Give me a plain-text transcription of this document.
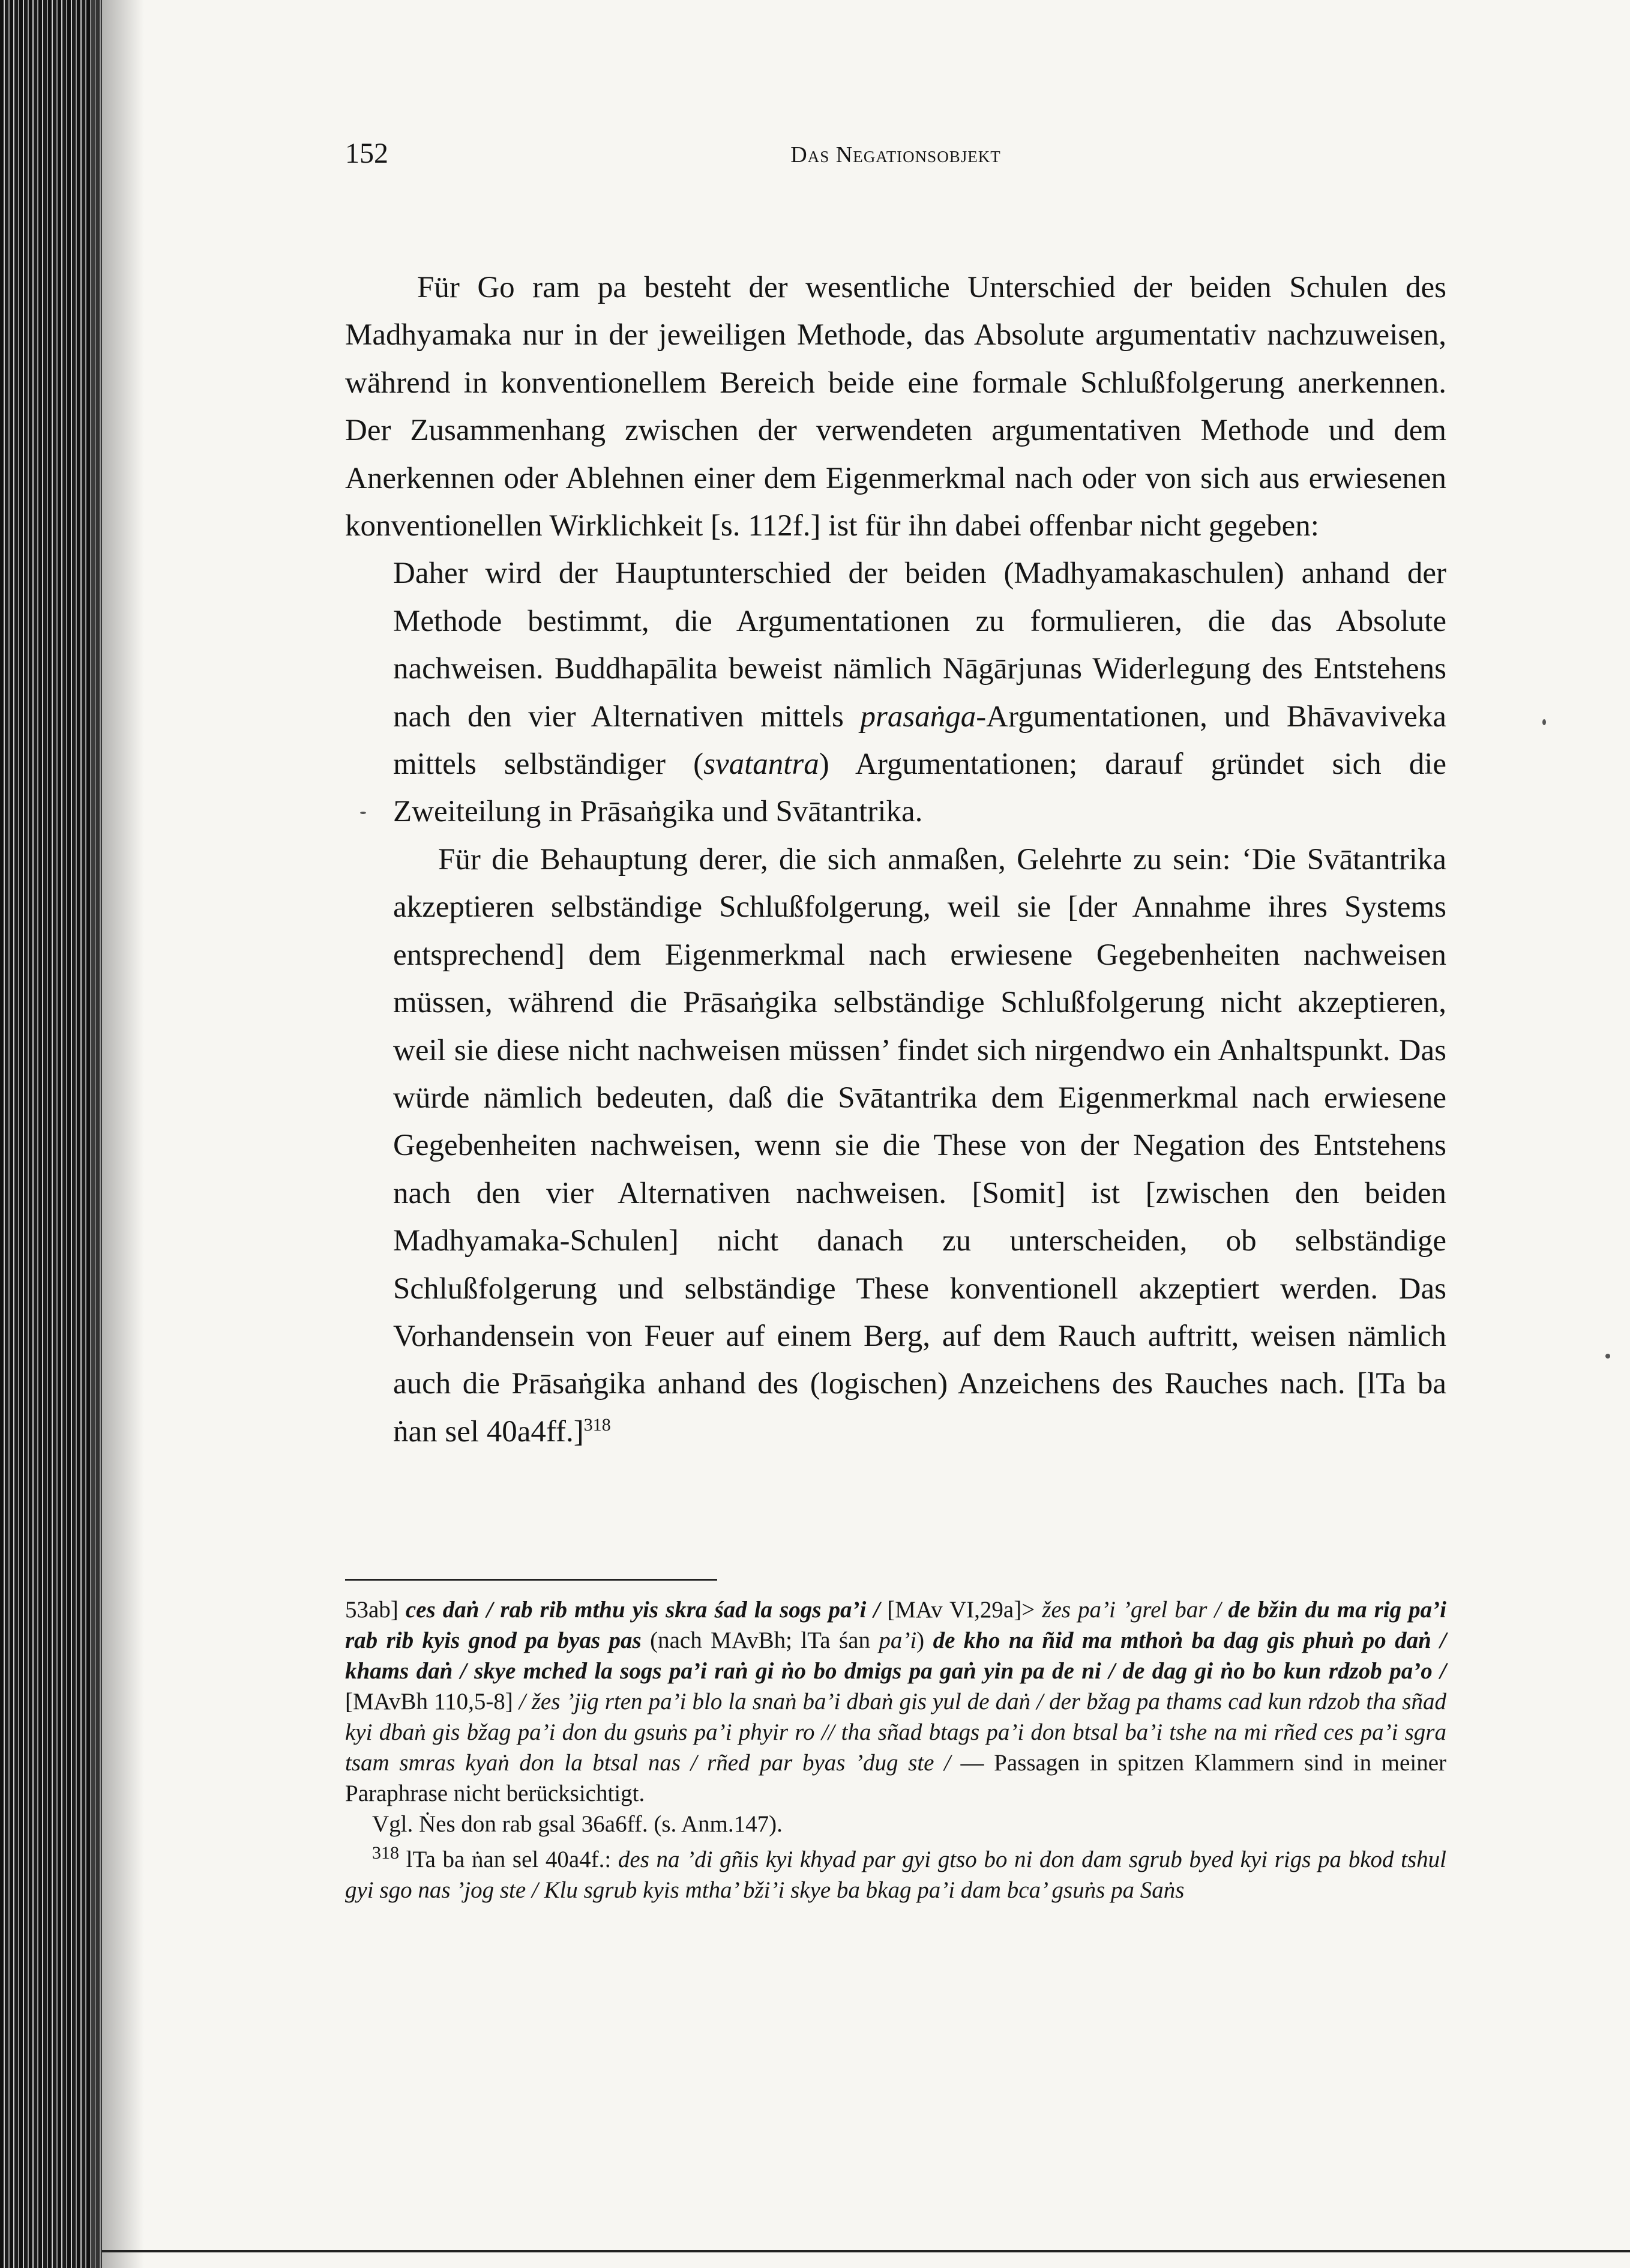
152	Das Negationsobjekt

Für Go ram pa besteht der wesentliche Unterschied der beiden Schulen des Madhyamaka nur in der jeweiligen Methode, das Absolute argumentativ nachzuweisen, während in konventionellem Bereich beide eine formale Schlußfolgerung anerkennen. Der Zusammenhang zwischen der verwendeten argumentativen Methode und dem Anerkennen oder Ablehnen einer dem Eigenmerkmal nach oder von sich aus erwiesenen konventionellen Wirklichkeit [s. 112f.] ist für ihn dabei offenbar nicht gegeben:

Daher wird der Hauptunterschied der beiden (Madhyamakaschulen) anhand der Methode bestimmt, die Argumentationen zu formulieren, die das Absolute nachweisen. Buddhapālita beweist nämlich Nāgārjunas Widerlegung des Entstehens nach den vier Alternativen mittels prasaṅga-Argumentationen, und Bhāvaviveka mittels selbständiger (svatantra) Argumentationen; darauf gründet sich die Zweiteilung in Prāsaṅgika und Svātantrika.

Für die Behauptung derer, die sich anmaßen, Gelehrte zu sein: ‘Die Svātantrika akzeptieren selbständige Schlußfolgerung, weil sie [der Annahme ihres Systems entsprechend] dem Eigenmerkmal nach erwiesene Gegebenheiten nachweisen müssen, während die Prāsaṅgika selbständige Schlußfolgerung nicht akzeptieren, weil sie diese nicht nachweisen müssen’ findet sich nirgendwo ein Anhaltspunkt. Das würde nämlich bedeuten, daß die Svātantrika dem Eigenmerkmal nach erwiesene Gegebenheiten nachweisen, wenn sie die These von der Negation des Entstehens nach den vier Alternativen nachweisen. [Somit] ist [zwischen den beiden Madhyamaka-Schulen] nicht danach zu unterscheiden, ob selbständige Schlußfolgerung und selbständige These konventionell akzeptiert werden. Das Vorhandensein von Feuer auf einem Berg, auf dem Rauch auftritt, weisen nämlich auch die Prāsaṅgika anhand des (logischen) Anzeichens des Rauches nach. [lTa ba ṅan sel 40a4ff.]$^{318}$

53ab] ces daṅ / rab rib mthu yis skra śad la sogs pa’i / [MAv VI,29a]> žes pa’i ’grel bar / de bžin du ma rig pa’i rab rib kyis gnod pa byas pas (nach MAvBh; lTa śan pa’i) de kho na ñid ma mthoṅ ba dag gis phuṅ po daṅ / khams daṅ / skye mched la sogs pa’i raṅ gi ṅo bo dmigs pa gaṅ yin pa de ni / de dag gi ṅo bo kun rdzob pa’o / [MAvBh 110,5-8] / žes ’jig rten pa’i blo la snaṅ ba’i dbaṅ gis yul de daṅ / der bžag pa thams cad kun rdzob tha sñad kyi dbaṅ gis bžag pa’i don du gsuṅs pa’i phyir ro // tha sñad btags pa’i don btsal ba’i tshe na mi rñed ces pa’i sgra tsam smras kyaṅ don la btsal nas / rñed par byas ’dug ste / — Passagen in spitzen Klammern sind in meiner Paraphrase nicht berücksichtigt.

Vgl. Ṅes don rab gsal 36a6ff. (s. Anm.147).

$^{318}$ lTa ba ṅan sel 40a4f.: des na ’di gñis kyi khyad par gyi gtso bo ni don dam sgrub byed kyi rigs pa bkod tshul gyi sgo nas ’jog ste / Klu sgrub kyis mtha’ bži’i skye ba bkag pa’i dam bca’ gsuṅs pa Saṅs
